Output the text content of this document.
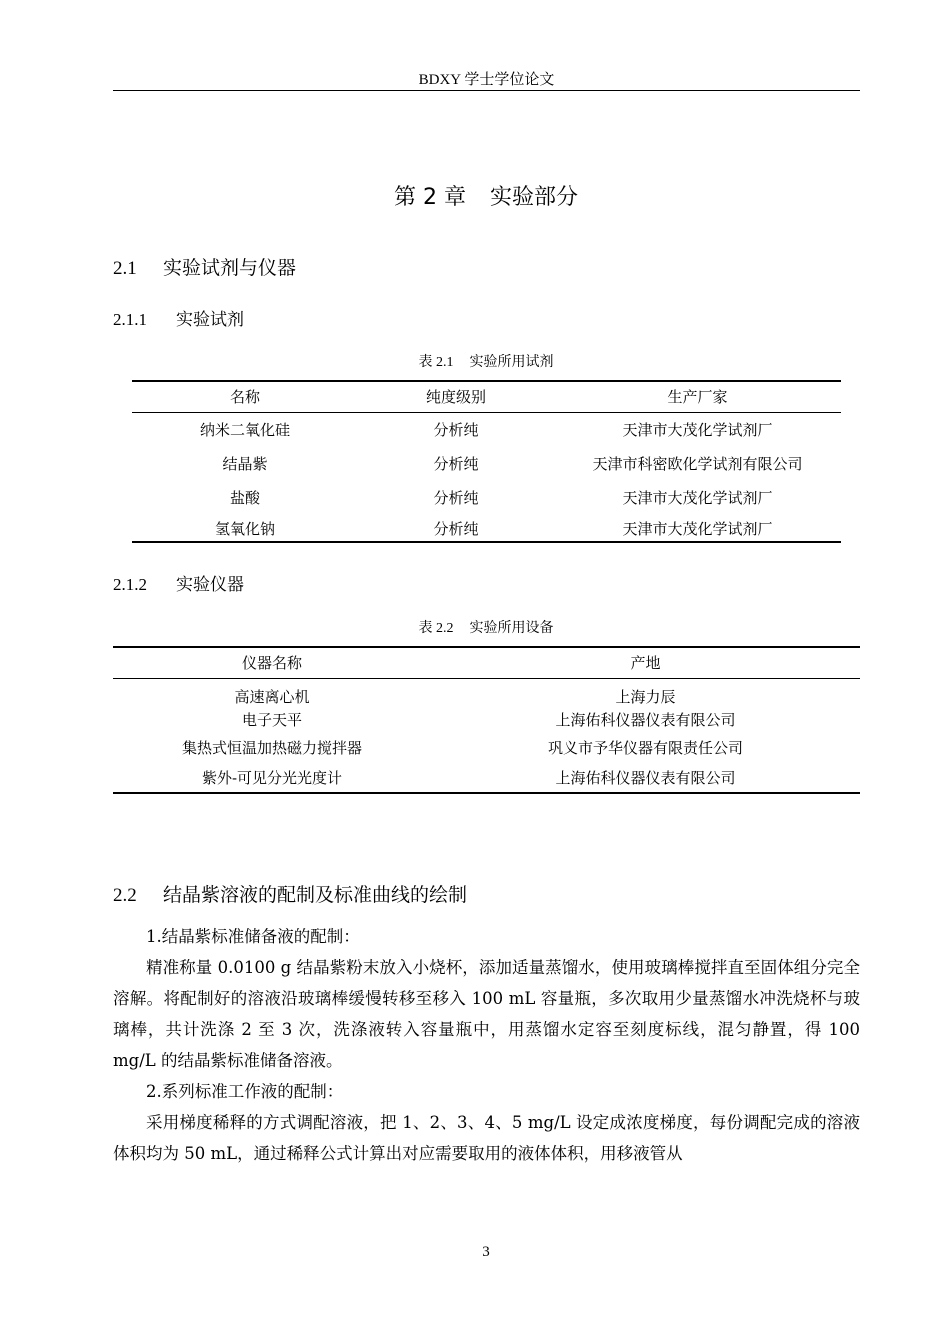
BDXY 学士学位论文
第 2 章 实验部分
2.1 实验试剂与仪器
2.1.1 实验试剂
表 2.1 实验所用试剂
名称	纯度级别	生产厂家
纳米二氧化硅	分析纯	天津市大茂化学试剂厂
结晶紫	分析纯	天津市科密欧化学试剂有限公司
盐酸	分析纯	天津市大茂化学试剂厂
氢氧化钠	分析纯	天津市大茂化学试剂厂
2.1.2 实验仪器
表 2.2 实验所用设备
仪器名称	产地
高速离心机	上海力辰
电子天平	上海佑科仪器仪表有限公司
集热式恒温加热磁力搅拌器	巩义市予华仪器有限责任公司
紫外-可见分光光度计	上海佑科仪器仪表有限公司
2.2 结晶紫溶液的配制及标准曲线的绘制
1.结晶紫标准储备液的配制：
精准称量 0.0100 g 结晶紫粉末放入小烧杯，添加适量蒸馏水，使用玻璃棒搅拌直至固体组分完全溶解。将配制好的溶液沿玻璃棒缓慢转移至移入 100 mL 容量瓶，多次取用少量蒸馏水冲洗烧杯与玻璃棒，共计洗涤 2 至 3 次，洗涤液转入容量瓶中，用蒸馏水定容至刻度标线，混匀静置，得 100 mg/L 的结晶紫标准储备溶液。
2.系列标准工作液的配制：
采用梯度稀释的方式调配溶液，把 1、2、3、4、5 mg/L 设定成浓度梯度，每份调配完成的溶液体积均为 50 mL，通过稀释公式计算出对应需要取用的液体体积，用移液管从
3
